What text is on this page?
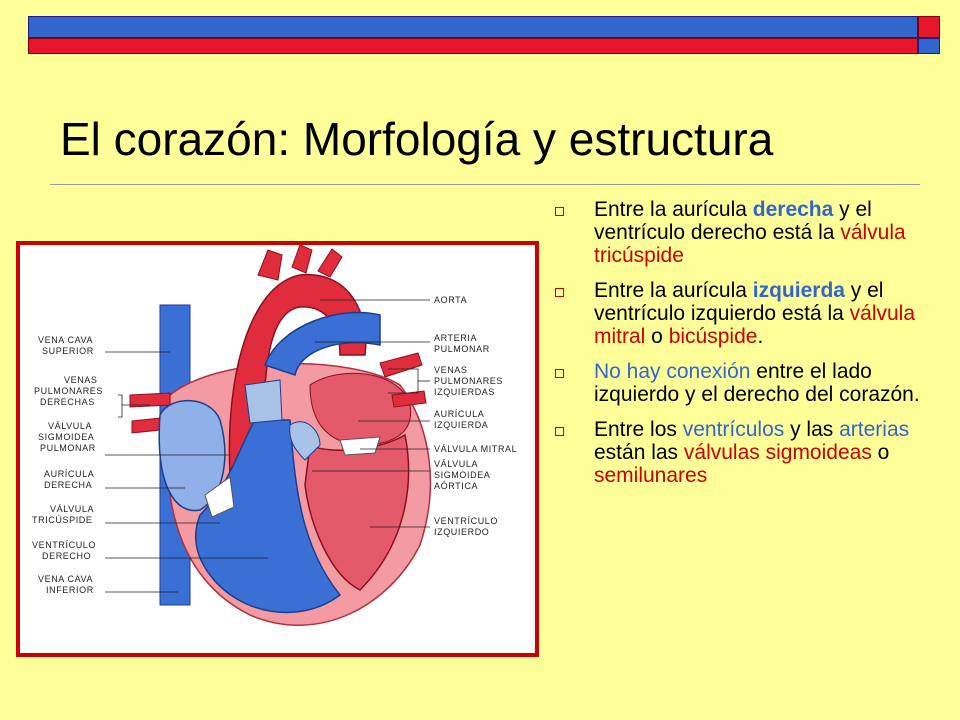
El corazón: Morfología y estructura
AORTA
ARTERIA
PULMONAR
VENAS
PULMONARES
IZQUIERDAS
AURÍCULA
IZQUIERDA
VÁLVULA MITRAL
VÁLVULA
SIGMOIDEA
AÓRTICA
VENTRÍCULO
IZQUIERDO
VENA CAVA
SUPERIOR
VENAS
PULMONARES
DERECHAS
VÁLVULA
SIGMOIDEA
PULMONAR
AURÍCULA
DERECHA
VÁLVULA
TRICÚSPIDE
VENTRÍCULO
DERECHO
VENA CAVA
INFERIOR
Entre la aurícula derecha y el ventrículo derecho está la válvula tricúspide
Entre la aurícula izquierda y el ventrículo izquierdo está la válvula mitral o bicúspide.
No hay conexión entre el lado izquierdo y el derecho del corazón.
Entre los ventrículos y las arterias están las válvulas sigmoideas o semilunares
